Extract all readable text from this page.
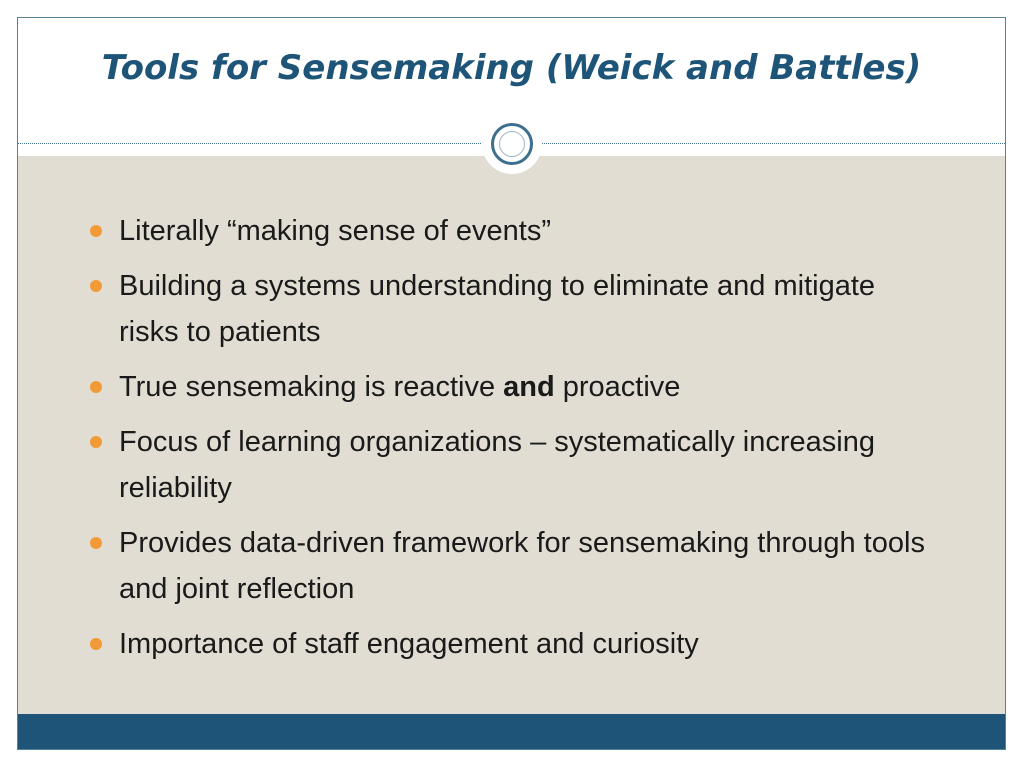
Tools for Sensemaking (Weick and Battles)
Literally “making sense of events”
Building a systems understanding to eliminate and mitigate risks to patients
True sensemaking is reactive and proactive
Focus of learning organizations – systematically increasing reliability
Provides data-driven framework for sensemaking through tools and joint reflection
Importance of staff engagement and curiosity
